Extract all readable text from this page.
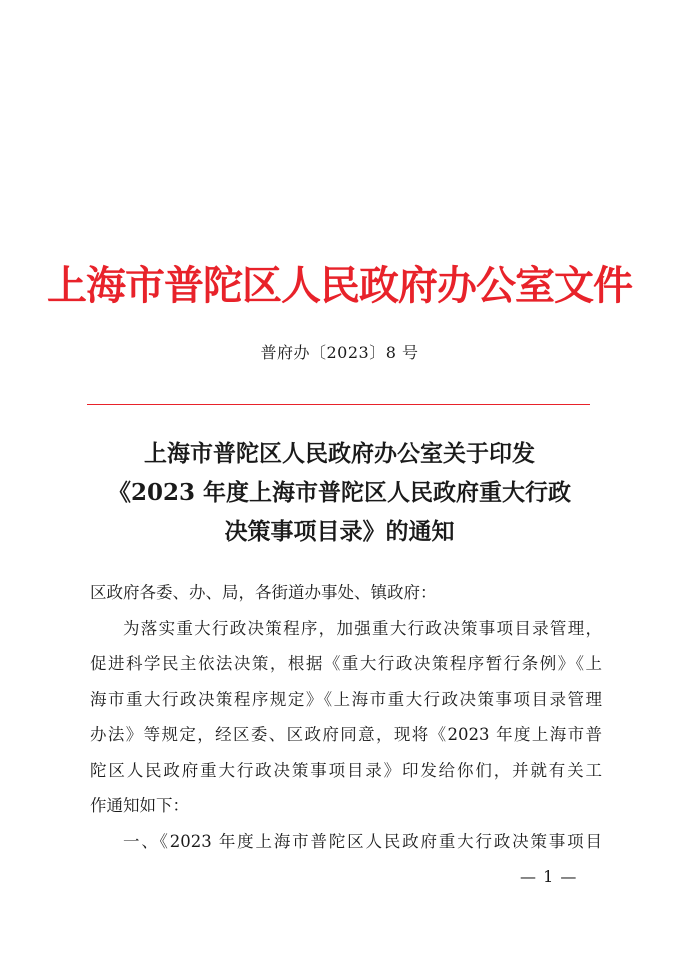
上海市普陀区人民政府办公室文件
普府办〔2023〕8 号
上海市普陀区人民政府办公室关于印发
《2023 年度上海市普陀区人民政府重大行政
决策事项目录》的通知
区政府各委、办、局，各街道办事处、镇政府：
为落实重大行政决策程序，加强重大行政决策事项目录管理，
促进科学民主依法决策，根据《重大行政决策程序暂行条例》《上
海市重大行政决策程序规定》《上海市重大行政决策事项目录管理
办法》等规定，经区委、区政府同意，现将《2023 年度上海市普
陀区人民政府重大行政决策事项目录》印发给你们，并就有关工
作通知如下：
一、《2023 年度上海市普陀区人民政府重大行政决策事项目
— 1 —
